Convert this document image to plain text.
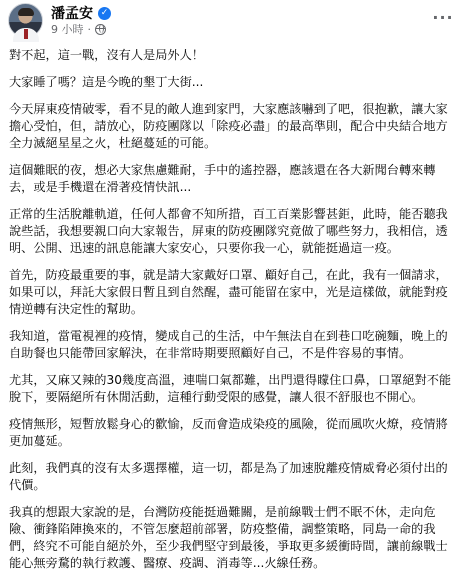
潘孟安 ✓
9 小時 ·
···

對不起，這一戰，沒有人是局外人！

大家睡了嗎？這是今晚的墾丁大街...

今天屏東疫情破零，看不見的敵人進到家門，大家應該嚇到了吧，很抱歉，讓大家擔心受怕，但，請放心，防疫團隊以「除疫必盡」的最高準則，配合中央結合地方全力滅絕星星之火，杜絕蔓延的可能。

這個難眠的夜，想必大家焦慮難耐，手中的遙控器，應該還在各大新聞台轉來轉去，或是手機還在滑著疫情快訊...

正常的生活脫離軌道，任何人都會不知所措，百工百業影響甚鉅，此時，能否聽我說些話，我想要親口向大家報告，屏東的防疫團隊究竟做了哪些努力，我相信，透明、公開、迅速的訊息能讓大家安心，只要你我一心，就能挺過這一疫。

首先，防疫最重要的事，就是請大家戴好口罩、顧好自己，在此，我有一個請求，如果可以，拜託大家假日暫且到自然醒，盡可能留在家中，光是這樣做，就能對疫情逆轉有決定性的幫助。

我知道，當電視裡的疫情，變成自己的生活，中午無法自在到巷口吃碗麵，晚上的自助餐也只能帶回家解決，在非常時期要照顧好自己，不是件容易的事情。

尤其，又麻又辣的30幾度高溫，連喘口氣都難，出門還得矇住口鼻，口罩絕對不能脫下，要隔絕所有休閒活動，這種行動受限的感覺，讓人很不舒服也不開心。

疫情無形，短暫放鬆身心的歡愉，反而會造成染疫的風險，從而風吹火燎，疫情將更加蔓延。

此刻，我們真的沒有太多選擇權，這一切，都是為了加速脫離疫情威脅必須付出的代價。

我真的想跟大家說的是，台灣防疫能挺過難關，是前線戰士們不眠不休，走向危險、衝鋒陷陣換來的，不管怎麼超前部署，防疫整備，調整策略，同島一命的我們，終究不可能自絕於外，至少我們堅守到最後，爭取更多緩衝時間，讓前線戰士能心無旁騖的執行救護、醫療、疫調、消毒等...火線任務。
